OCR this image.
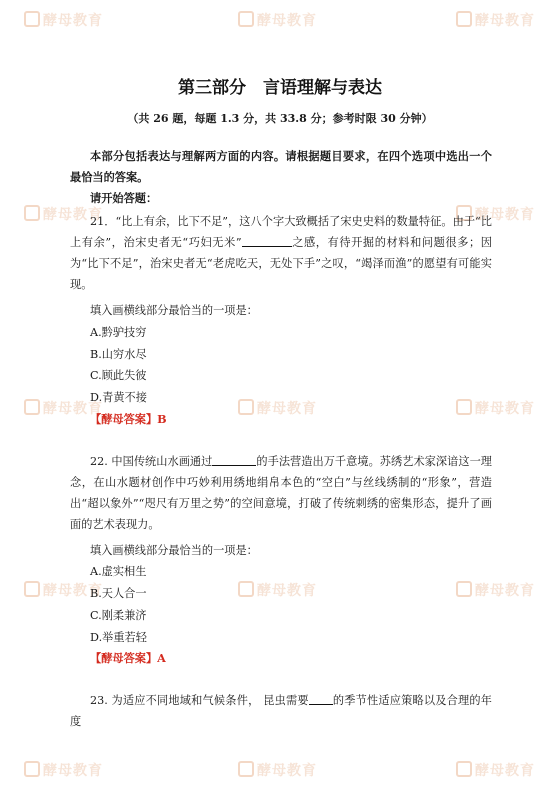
酵母教育	酵母教育	酵母教育
酵母教育	酵母教育
酵母教育	酵母教育	酵母教育
酵母教育	酵母教育	酵母教育
酵母教育	酵母教育	酵母教育
第三部分　言语理解与表达
（共 26 题，每题 1.3 分，共 33.8 分；参考时限 30 分钟）
本部分包括表达与理解两方面的内容。请根据题目要求，在四个选项中选出一个最恰当的答案。
请开始答题：
21．“比上有余，比下不足”，这八个字大致概括了宋史史料的数量特征。由于“比上有余”，治宋史者无“巧妇无米”	之感，有待开掘的材料和问题很多；因为“比下不足”，治宋史者无“老虎吃天，无处下手”之叹，“竭泽而渔”的愿望有可能实现。
填入画横线部分最恰当的一项是：
A.黔驴技穷
B.山穷水尽
C.顾此失彼
D.青黄不接
【酵母答案】B
22. 中国传统山水画通过	的手法营造出万千意境。苏绣艺术家深谙这一理念，在山水题材创作中巧妙利用绣地绢帛本色的“空白”与丝线绣制的“形象”，营造出“超以象外”“咫尺有万里之势”的空间意境，打破了传统刺绣的密集形态，提升了画面的艺术表现力。
填入画横线部分最恰当的一项是：
A.虚实相生
B.天人合一
C.刚柔兼济
D.举重若轻
【酵母答案】A
23. 为适应不同地域和气候条件， 昆虫需要 的季节性适应策略以及合理的年度
